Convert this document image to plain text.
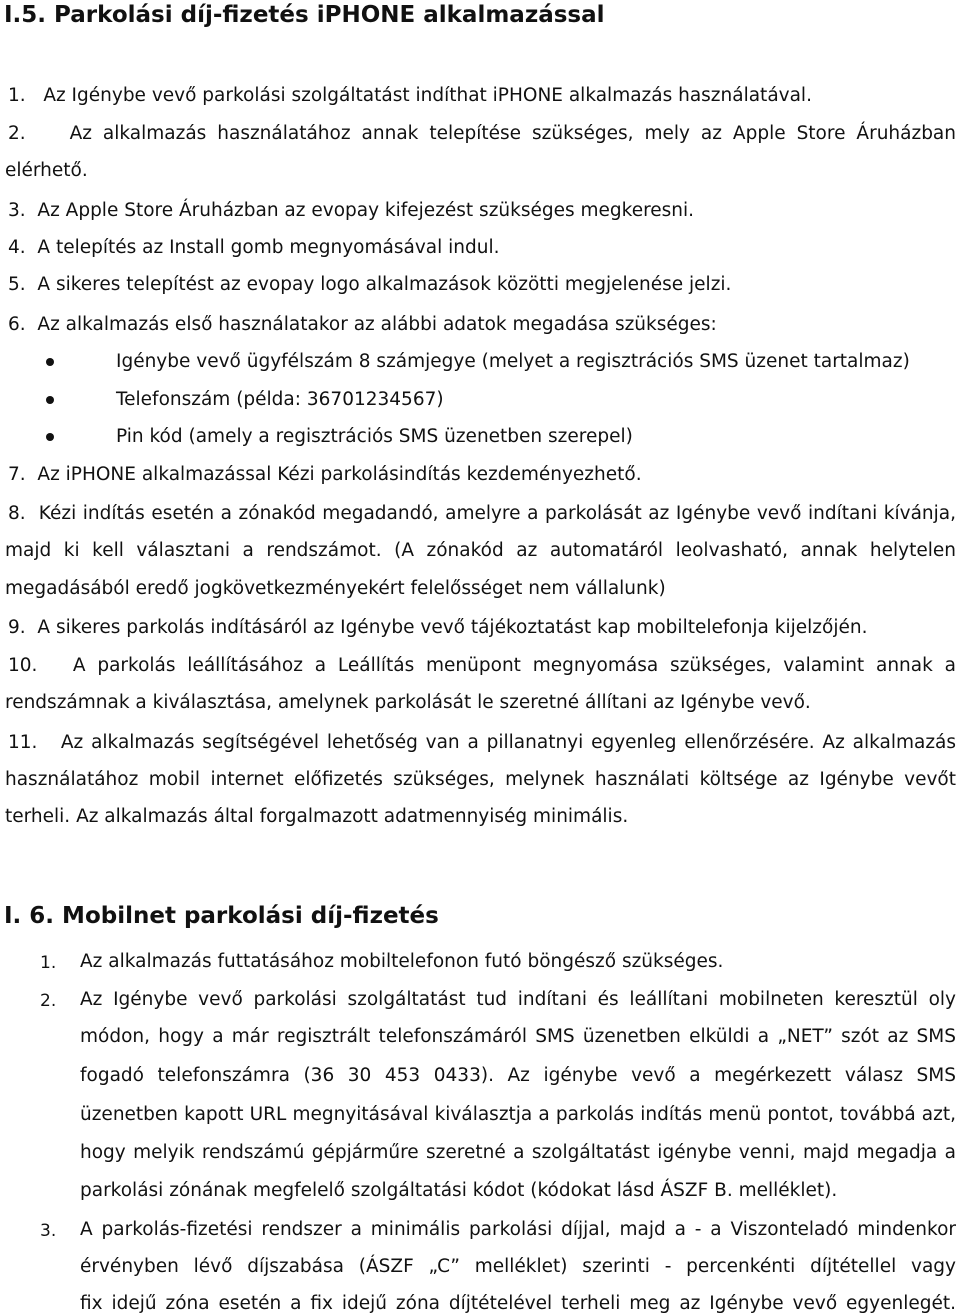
I.5. Parkolási díj-fizetés iPHONE alkalmazással
1. Az Igénybe vevő parkolási szolgáltatást indíthat iPHONE alkalmazás használatával.
2. Az alkalmazás használatához annak telepítése szükséges, mely az Apple Store Áruházban
elérhető.
3. Az Apple Store Áruházban az evopay kifejezést szükséges megkeresni.
4. A telepítés az Install gomb megnyomásával indul.
5. A sikeres telepítést az evopay logo alkalmazások közötti megjelenése jelzi.
6. Az alkalmazás első használatakor az alábbi adatok megadása szükséges:
Igénybe vevő ügyfélszám 8 számjegye (melyet a regisztrációs SMS üzenet tartalmaz)
Telefonszám (példa: 36701234567)
Pin kód (amely a regisztrációs SMS üzenetben szerepel)
7. Az iPHONE alkalmazással Kézi parkolásindítás kezdeményezhető.
8. Kézi indítás esetén a zónakód megadandó, amelyre a parkolását az Igénybe vevő indítani kívánja,
majd ki kell választani a rendszámot. (A zónakód az automatáról leolvasható, annak helytelen
megadásából eredő jogkövetkezményekért felelősséget nem vállalunk)
9. A sikeres parkolás indításáról az Igénybe vevő tájékoztatást kap mobiltelefonja kijelzőjén.
10. A parkolás leállításához a Leállítás menüpont megnyomása szükséges, valamint annak a
rendszámnak a kiválasztása, amelynek parkolását le szeretné állítani az Igénybe vevő.
11. Az alkalmazás segítségével lehetőség van a pillanatnyi egyenleg ellenőrzésére. Az alkalmazás
használatához mobil internet előfizetés szükséges, melynek használati költsége az Igénybe vevőt
terheli. Az alkalmazás által forgalmazott adatmennyiség minimális.
I. 6. Mobilnet parkolási díj-fizetés
1. Az alkalmazás futtatásához mobiltelefonon futó böngésző szükséges.
2. Az Igénybe vevő parkolási szolgáltatást tud indítani és leállítani mobilneten keresztül oly
módon, hogy a már regisztrált telefonszámáról SMS üzenetben elküldi a „NET” szót az SMS
fogadó telefonszámra (36 30 453 0433). Az igénybe vevő a megérkezett válasz SMS
üzenetben kapott URL megnyitásával kiválasztja a parkolás indítás menü pontot, továbbá azt,
hogy melyik rendszámú gépjárműre szeretné a szolgáltatást igénybe venni, majd megadja a
parkolási zónának megfelelő szolgáltatási kódot (kódokat lásd ÁSZF B. melléklet).
3. A parkolás-fizetési rendszer a minimális parkolási díjjal, majd a - a Viszonteladó mindenkor
érvényben lévő díjszabása (ÁSZF „C” melléklet) szerinti - percenkénti díjtétellel vagy
fix idejű zóna esetén a fix idejű zóna díjtételével terheli meg az Igénybe vevő egyenlegét.
